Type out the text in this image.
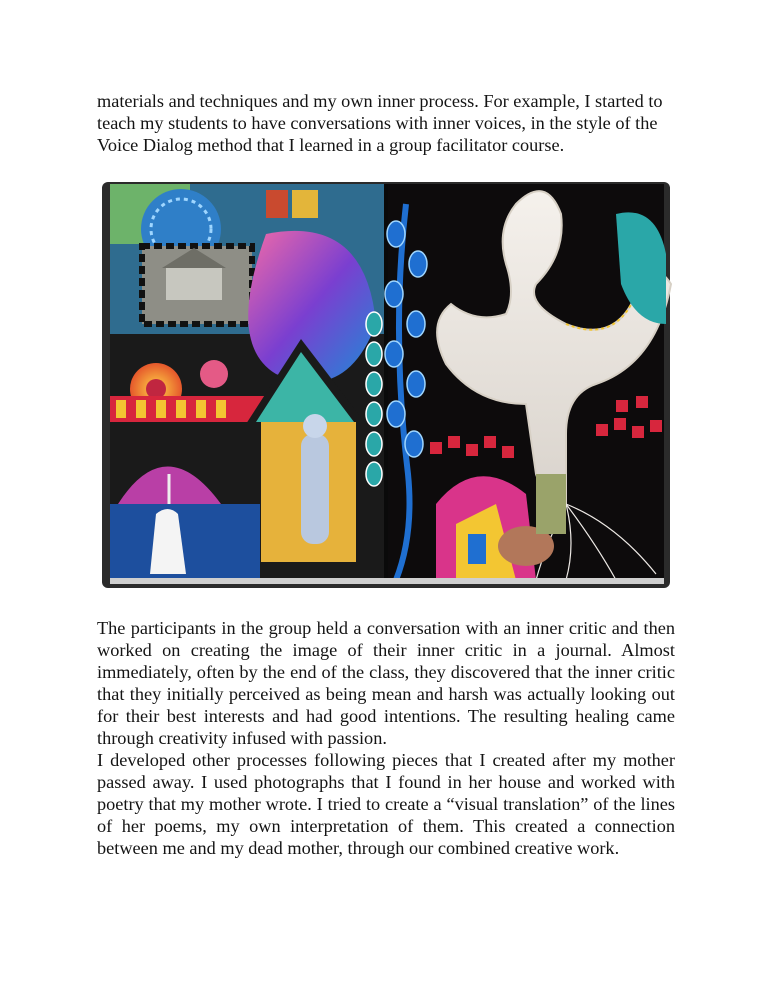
materials and techniques and my own inner process. For example, I started to teach my students to have conversations with inner voices, in the style of the Voice Dialog method that I learned in a group facilitator course.

The participants in the group held a conversation with an inner critic and then worked on creating the image of their inner critic in a journal. Almost immediately, often by the end of the class, they discovered that the inner critic that they initially perceived as being mean and harsh was actually looking out for their best interests and had good intentions. The resulting healing came through creativity infused with passion.

I developed other processes following pieces that I created after my mother passed away. I used photographs that I found in her house and worked with poetry that my mother wrote. I tried to create a “visual translation” of the lines of her poems, my own interpretation of them. This created a connection between me and my dead mother, through our combined creative work.
